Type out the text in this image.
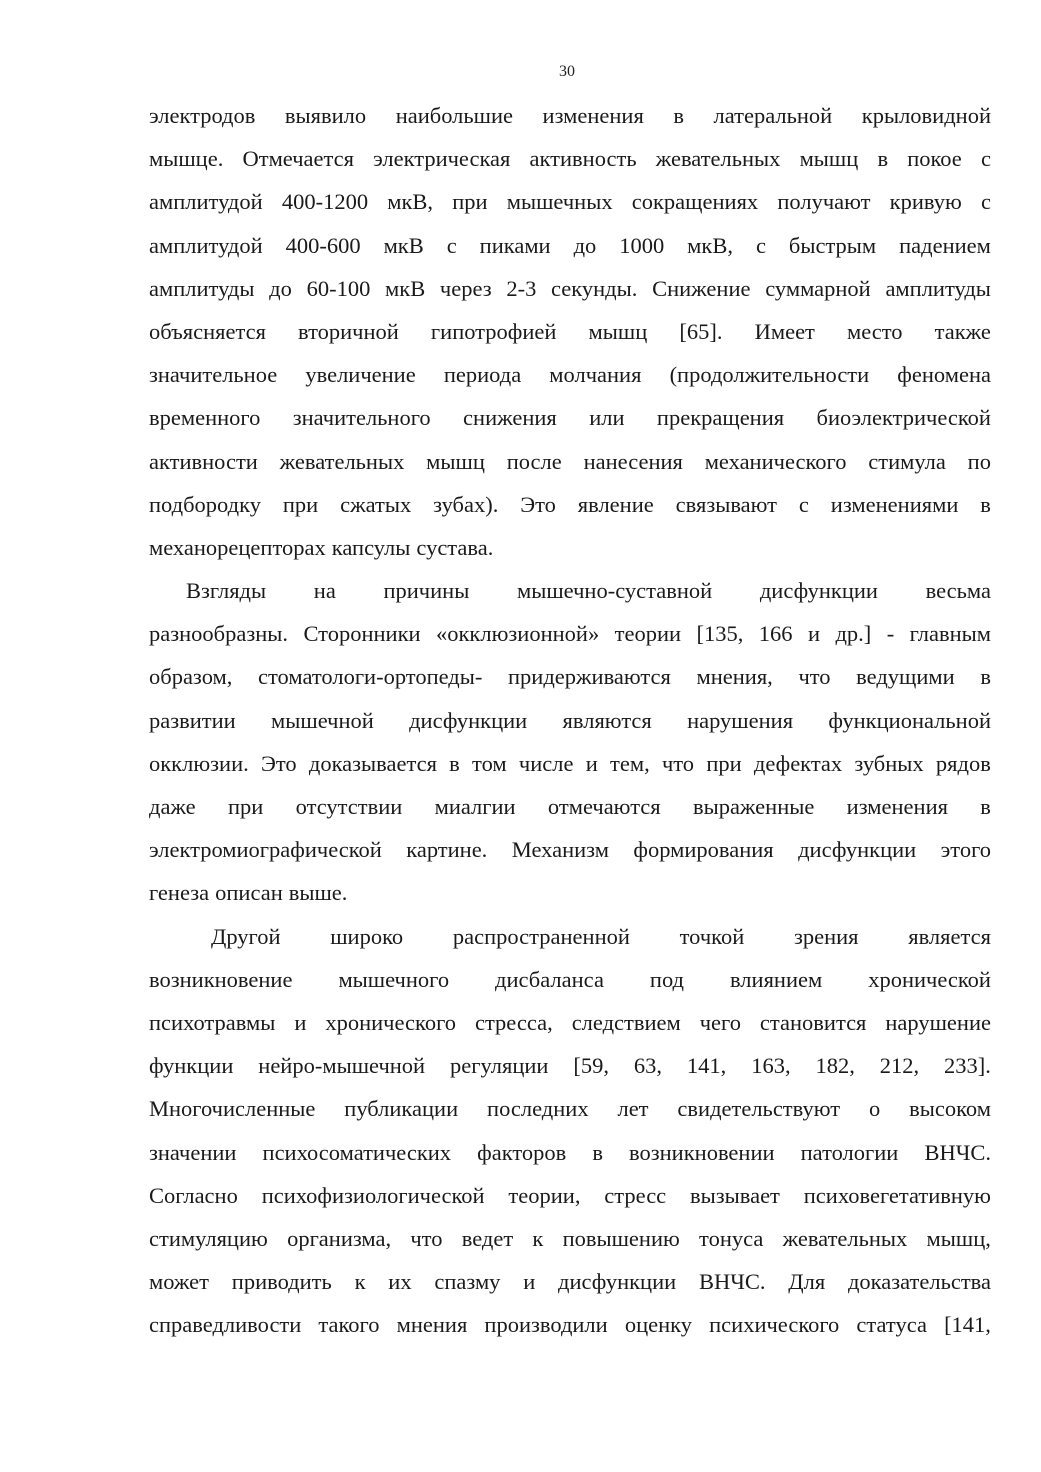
30
электродов выявило наибольшие изменения в латеральной крыловидной
мышце. Отмечается электрическая активность жевательных мышц в покое с
амплитудой 400-1200 мкВ, при мышечных сокращениях получают кривую с
амплитудой 400-600 мкВ с пиками до 1000 мкВ, с быстрым падением
амплитуды до 60-100 мкВ через 2-3 секунды. Снижение суммарной амплитуды
объясняется вторичной гипотрофией мышц [65]. Имеет место также
значительное увеличение периода молчания (продолжительности феномена
временного значительного снижения или прекращения биоэлектрической
активности жевательных мышц после нанесения механического стимула по
подбородку при сжатых зубах). Это явление связывают с изменениями в
механорецепторах капсулы сустава.
Взгляды на причины мышечно-суставной дисфункции весьма
разнообразны. Сторонники «окклюзионной» теории [135, 166 и др.] - главным
образом, стоматологи-ортопеды- придерживаются мнения, что ведущими в
развитии мышечной дисфункции являются нарушения функциональной
окклюзии. Это доказывается в том числе и тем, что при дефектах зубных рядов
даже при отсутствии миалгии отмечаются выраженные изменения в
электромиографической картине. Механизм формирования дисфункции этого
генеза описан выше.
Другой широко распространенной точкой зрения является
возникновение мышечного дисбаланса под влиянием хронической
психотравмы и хронического стресса, следствием чего становится нарушение
функции нейро-мышечной регуляции [59, 63, 141, 163, 182, 212, 233].
Многочисленные публикации последних лет свидетельствуют о высоком
значении психосоматических факторов в возникновении патологии ВНЧС.
Согласно психофизиологической теории, стресс вызывает психовегетативную
стимуляцию организма, что ведет к повышению тонуса жевательных мышц,
может приводить к их спазму и дисфункции ВНЧС. Для доказательства
справедливости такого мнения производили оценку психического статуса [141,
